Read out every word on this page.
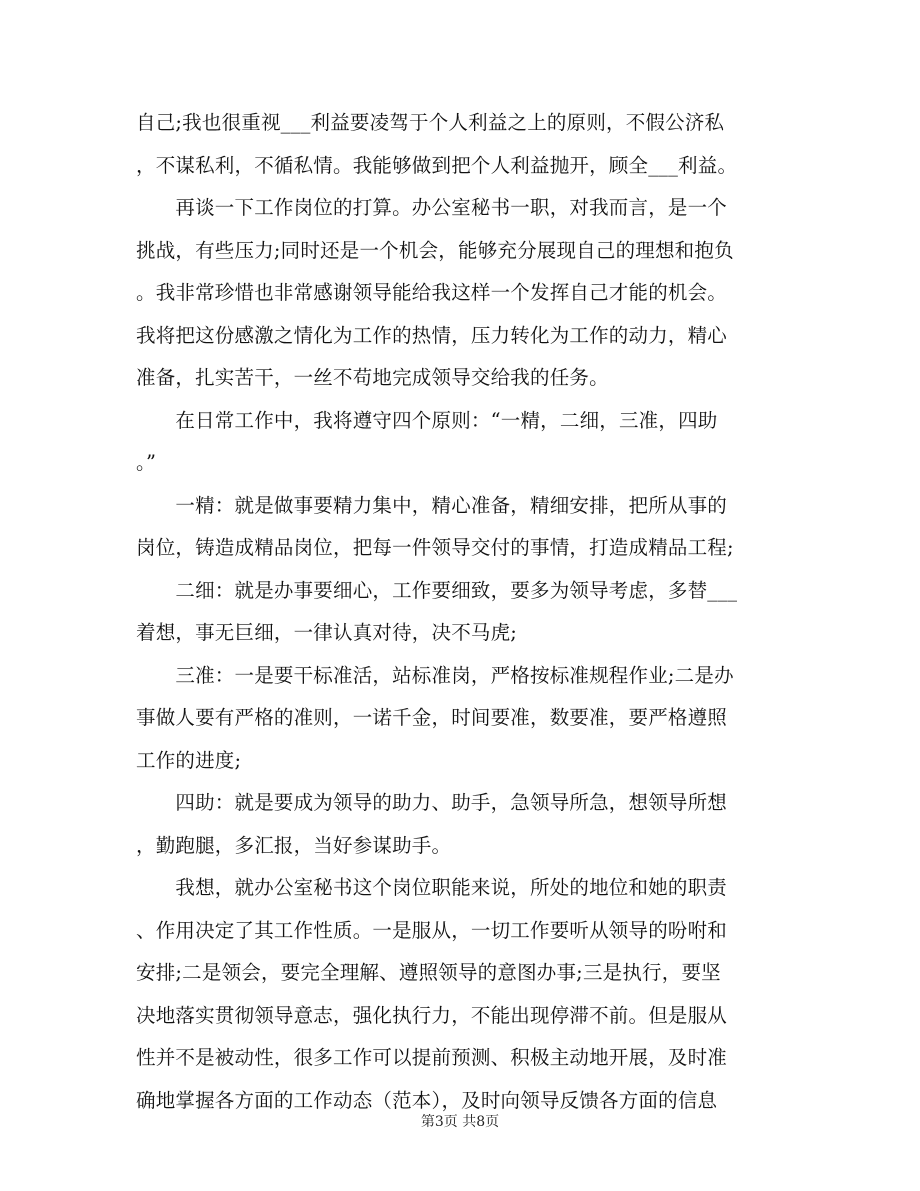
自己;我也很重视___利益要凌驾于个人利益之上的原则，不假公济私
，不谋私利，不循私情。我能够做到把个人利益抛开，顾全___利益。
　　再谈一下工作岗位的打算。办公室秘书一职，对我而言，是一个
挑战，有些压力;同时还是一个机会，能够充分展现自己的理想和抱负
。我非常珍惜也非常感谢领导能给我这样一个发挥自己才能的机会。
我将把这份感激之情化为工作的热情，压力转化为工作的动力，精心
准备，扎实苦干，一丝不苟地完成领导交给我的任务。
　　在日常工作中，我将遵守四个原则：“一精，二细，三准，四助
。”
　　一精：就是做事要精力集中，精心准备，精细安排，把所从事的
岗位，铸造成精品岗位，把每一件领导交付的事情，打造成精品工程;
　　二细：就是办事要细心，工作要细致，要多为领导考虑，多替___
着想，事无巨细，一律认真对待，决不马虎;
　　三准：一是要干标准活，站标准岗，严格按标准规程作业;二是办
事做人要有严格的准则，一诺千金，时间要准，数要准，要严格遵照
工作的进度;
　　四助：就是要成为领导的助力、助手，急领导所急，想领导所想
，勤跑腿，多汇报，当好参谋助手。
　　我想，就办公室秘书这个岗位职能来说，所处的地位和她的职责
、作用决定了其工作性质。一是服从，一切工作要听从领导的吩咐和
安排;二是领会，要完全理解、遵照领导的意图办事;三是执行，要坚
决地落实贯彻领导意志，强化执行力，不能出现停滞不前。但是服从
性并不是被动性，很多工作可以提前预测、积极主动地开展，及时准
确地掌握各方面的工作动态（范本），及时向领导反馈各方面的信息
第3页 共8页
